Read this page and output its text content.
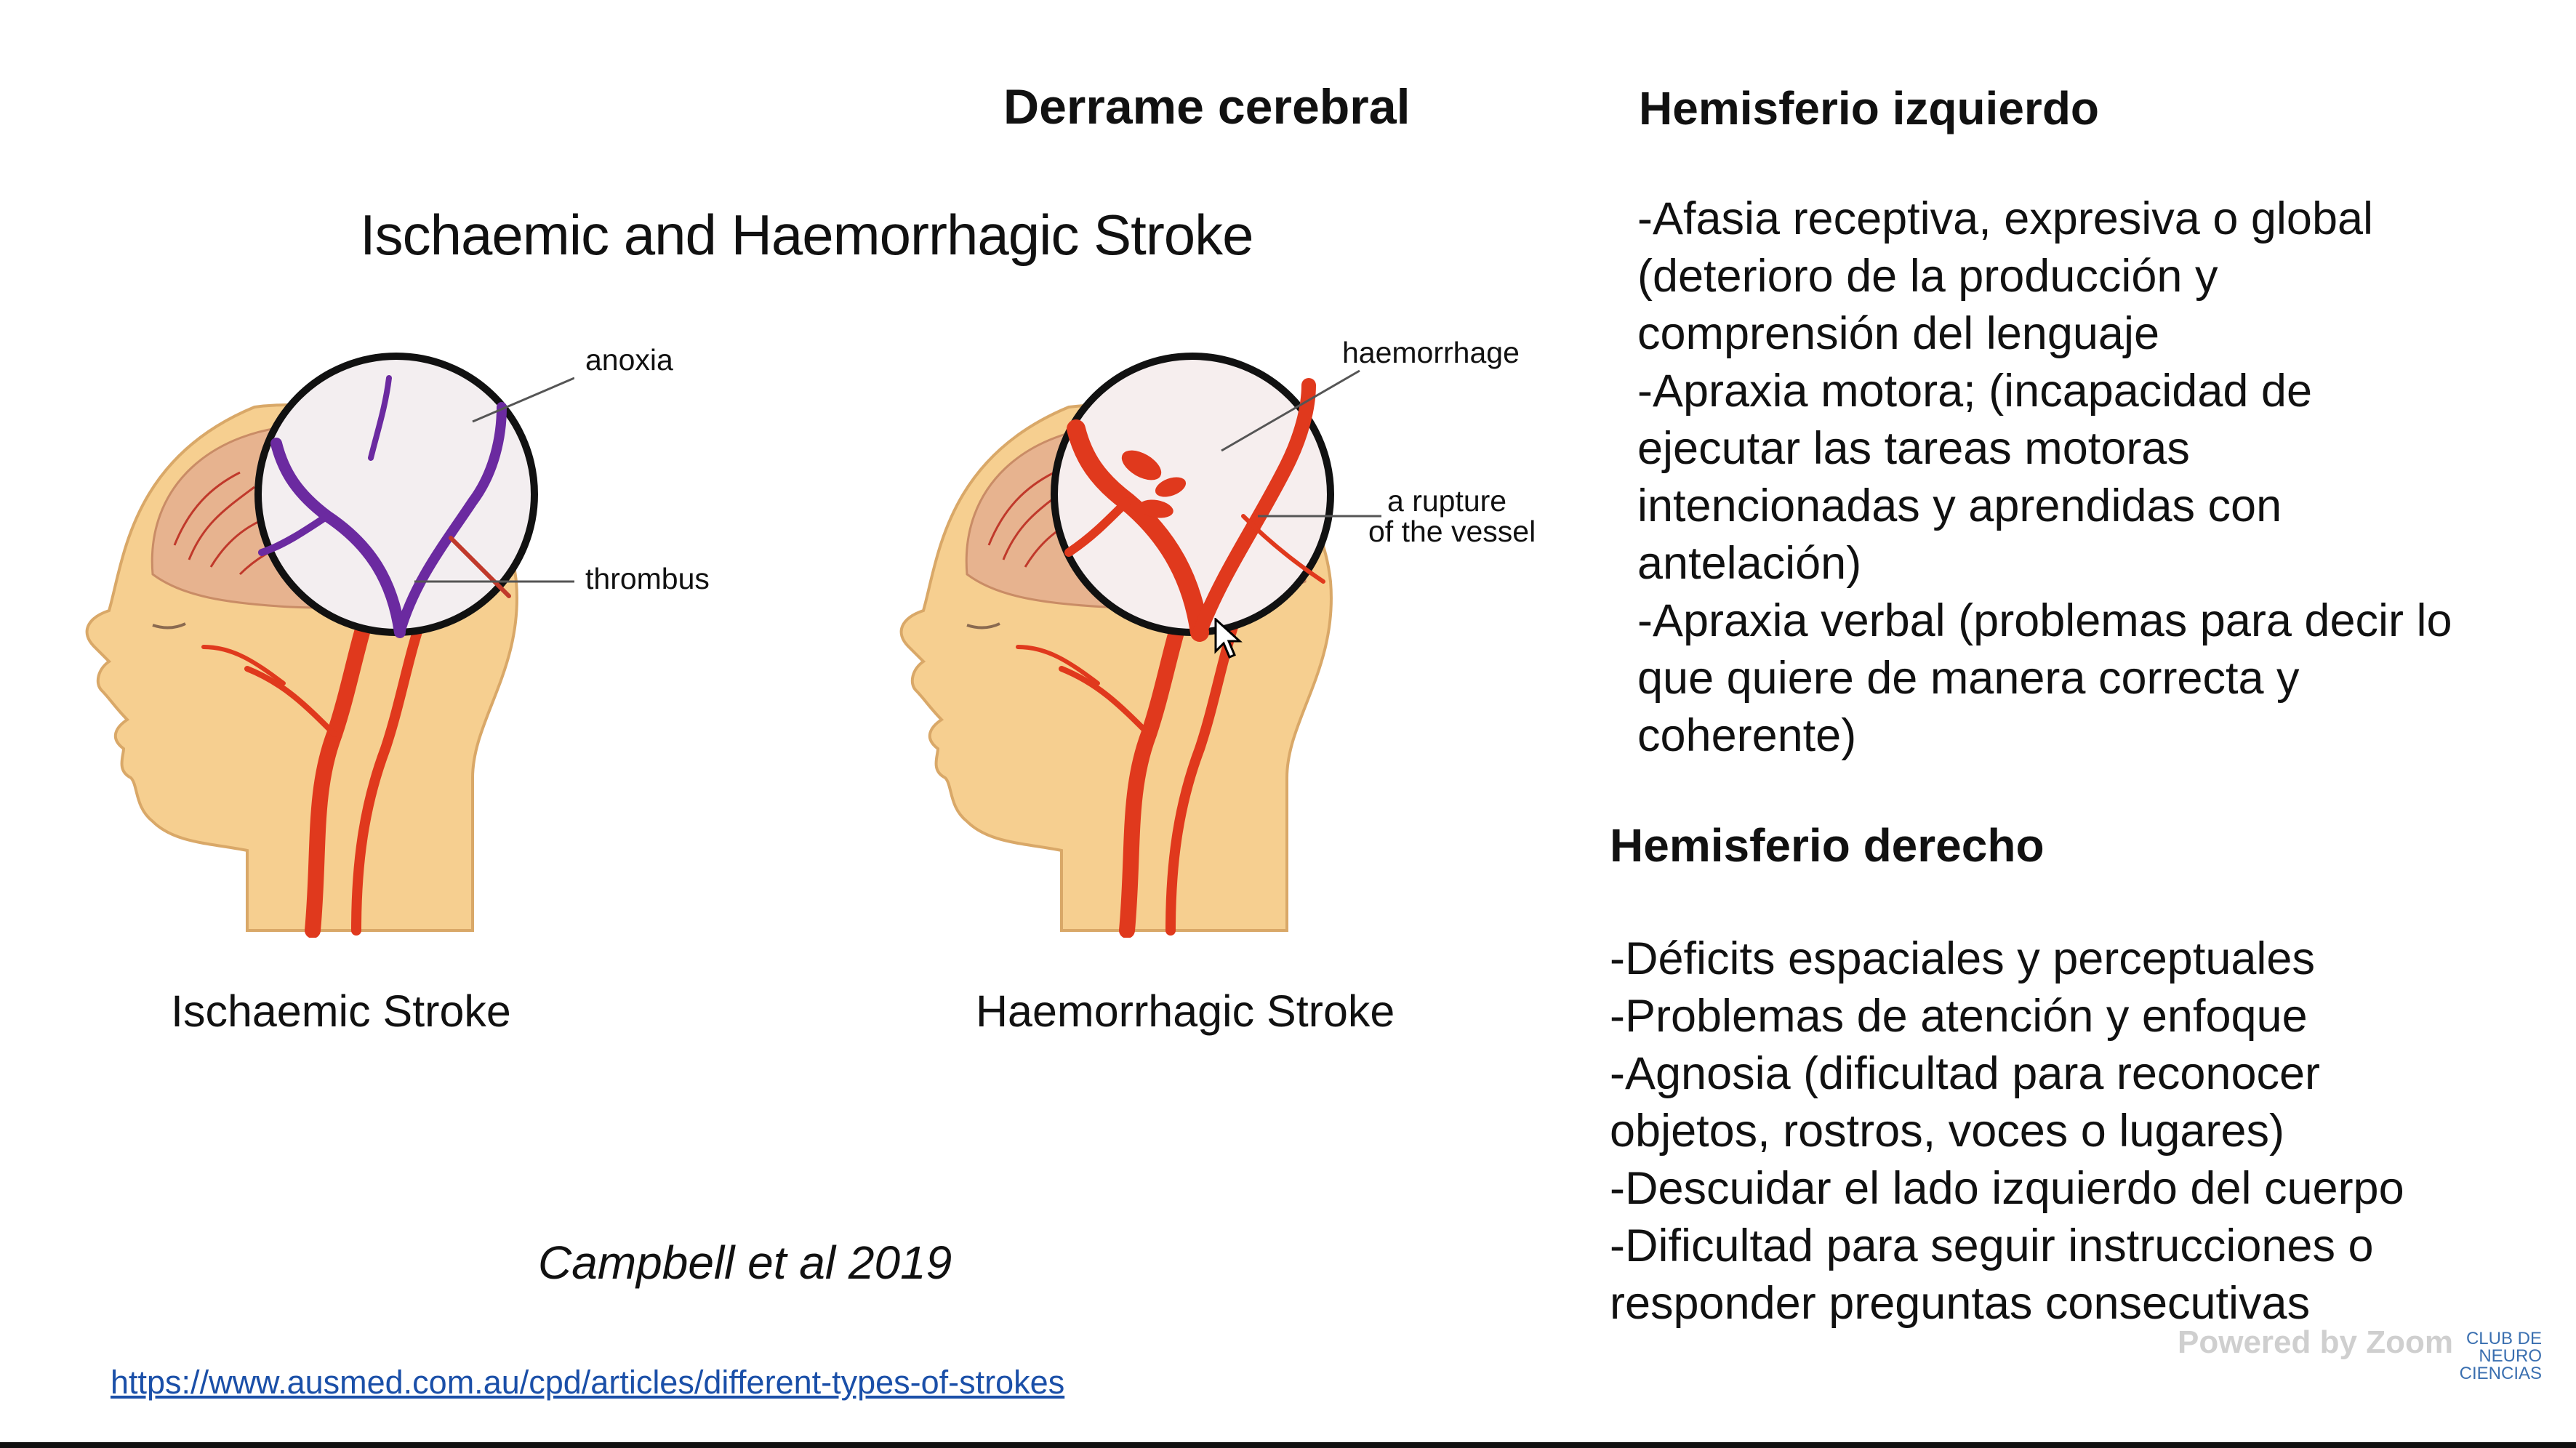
Derrame cerebral
Ischaemic and Haemorrhagic Stroke
anoxia
thrombus
Ischaemic Stroke
haemorrhage
a rupture
of the vessel
Haemorrhagic Stroke
Campbell et al 2019
https://www.ausmed.com.au/cpd/articles/different-types-of-strokes
Hemisferio izquierdo
-Afasia receptiva, expresiva o global
(deterioro de la producción y
comprensión del lenguaje
-Apraxia motora; (incapacidad de
ejecutar las tareas motoras
intencionadas y aprendidas con
antelación)
-Apraxia verbal (problemas para decir lo
que quiere de manera correcta y
coherente)
Hemisferio derecho
-Déficits espaciales y perceptuales
-Problemas de atención y enfoque
-Agnosia (dificultad para reconocer
objetos, rostros, voces o lugares)
-Descuidar el lado izquierdo del cuerpo
-Dificultad para seguir instrucciones o
responder preguntas consecutivas
Powered by Zoom CLUB DE
NEURO
CIENCIAS
